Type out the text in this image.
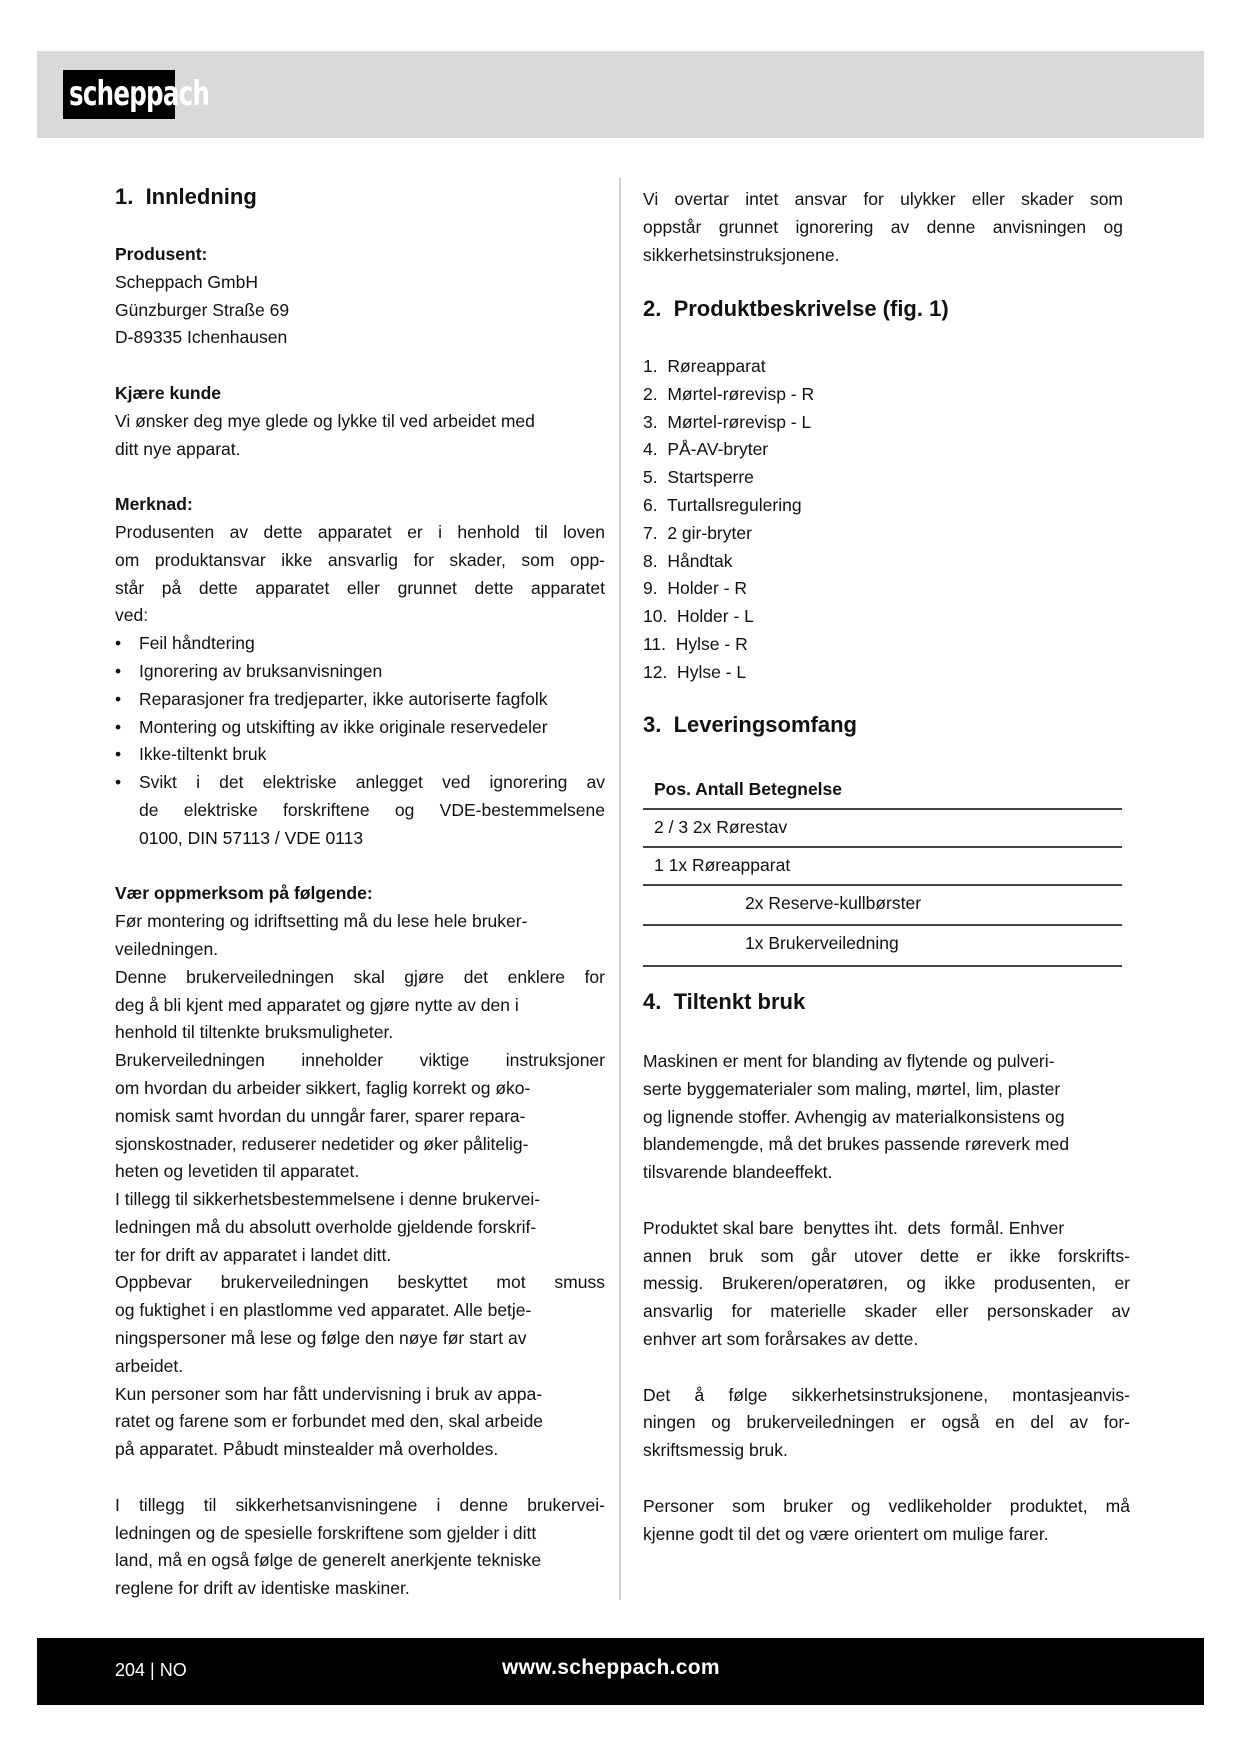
scheppach
1.  Innledning
Produsent:
Scheppach GmbH
Günzburger Straße 69
D-89335 Ichenhausen
Kjære kunde
Vi ønsker deg mye glede og lykke til ved arbeidet med
ditt nye apparat.
Merknad:
Produsenten av dette apparatet er i henhold til loven
om produktansvar ikke ansvarlig for skader, som opp-
står på dette apparatet eller grunnet dette apparatet
ved:
• Feil håndtering
• Ignorering av bruksanvisningen
• Reparasjoner fra tredjeparter, ikke autoriserte fagfolk
• Montering og utskifting av ikke originale reservedeler
• Ikke-tiltenkt bruk
• Svikt i det elektriske anlegget ved ignorering av
de elektriske forskriftene og VDE-bestemmelsene
0100, DIN 57113 / VDE 0113
Vær oppmerksom på følgende:
Før montering og idriftsetting må du lese hele bruker-
veiledningen.
Denne brukerveiledningen skal gjøre det enklere for
deg å bli kjent med apparatet og gjøre nytte av den i
henhold til tiltenkte bruksmuligheter.
Brukerveiledningen inneholder viktige instruksjoner
om hvordan du arbeider sikkert, faglig korrekt og øko-
nomisk samt hvordan du unngår farer, sparer repara-
sjonskostnader, reduserer nedetider og øker pålitelig-
heten og levetiden til apparatet.
I tillegg til sikkerhetsbestemmelsene i denne brukervei-
ledningen må du absolutt overholde gjeldende forskrif-
ter for drift av apparatet i landet ditt.
Oppbevar brukerveiledningen beskyttet mot smuss
og fuktighet i en plastlomme ved apparatet. Alle betje-
ningspersoner må lese og følge den nøye før start av
arbeidet.
Kun personer som har fått undervisning i bruk av appa-
ratet og farene som er forbundet med den, skal arbeide
på apparatet. Påbudt minstealder må overholdes.
I tillegg til sikkerhetsanvisningene i denne brukervei-
ledningen og de spesielle forskriftene som gjelder i ditt
land, må en også følge de generelt anerkjente tekniske
reglene for drift av identiske maskiner.
Vi overtar intet ansvar for ulykker eller skader som
oppstår grunnet ignorering av denne anvisningen og
sikkerhetsinstruksjonene.
2.  Produktbeskrivelse (fig. 1)
1.  Røreapparat
2.  Mørtel-rørevisp - R
3.  Mørtel-rørevisp - L
4.  PÅ-AV-bryter
5.  Startsperre
6.  Turtallsregulering
7.  2 gir-bryter
8.  Håndtak
9.  Holder - R
10.  Holder - L
11.  Hylse - R
12.  Hylse - L
3.  Leveringsomfang
Pos. Antall Betegnelse
2 / 3 2x Rørestav
1 1x Røreapparat
2x Reserve-kullbørster
1x Brukerveiledning
4.  Tiltenkt bruk
Maskinen er ment for blanding av flytende og pulveri-
serte byggematerialer som maling, mørtel, lim, plaster
og lignende stoffer. Avhengig av materialkonsistens og
blandemengde, må det brukes passende røreverk med
tilsvarende blandeeffekt.
Produktet skal bare  benyttes iht.  dets  formål. Enhver
annen bruk som går utover dette er ikke forskrifts-
messig. Brukeren/operatøren, og ikke produsenten, er
ansvarlig for materielle skader eller personskader av
enhver art som forårsakes av dette.
Det å følge sikkerhetsinstruksjonene, montasjeanvis-
ningen og brukerveiledningen er også en del av for-
skriftsmessig bruk.
Personer som bruker og vedlikeholder produktet, må
kjenne godt til det og være orientert om mulige farer.
204 | NO	www.scheppach.com
